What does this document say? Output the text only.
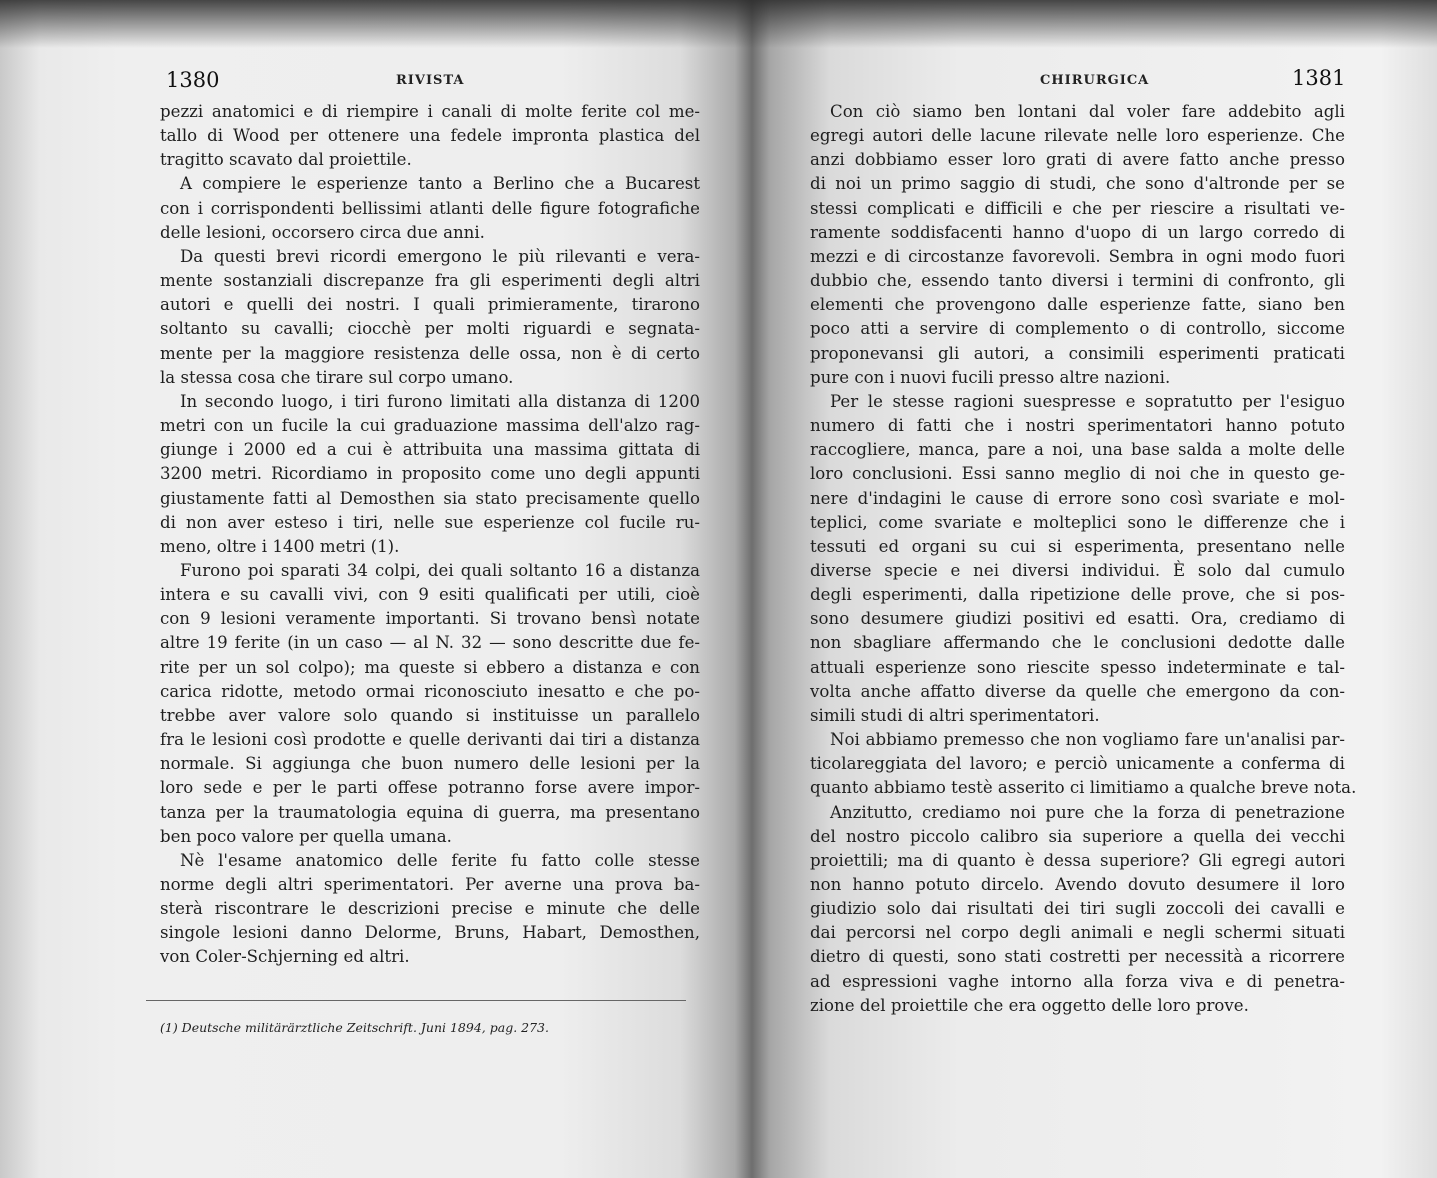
1380	RIVISTA

pezzi anatomici e di riempire i canali di molte ferite col me-
tallo di Wood per ottenere una fedele impronta plastica del
tragitto scavato dal proiettile.

A compiere le esperienze tanto a Berlino che a Bucarest
con i corrispondenti bellissimi atlanti delle figure fotografiche
delle lesioni, occorsero circa due anni.

Da questi brevi ricordi emergono le più rilevanti e vera-
mente sostanziali discrepanze fra gli esperimenti degli altri
autori e quelli dei nostri. I quali primieramente, tirarono
soltanto su cavalli; ciocchè per molti riguardi e segnata-
mente per la maggiore resistenza delle ossa, non è di certo
la stessa cosa che tirare sul corpo umano.

In secondo luogo, i tiri furono limitati alla distanza di 1200
metri con un fucile la cui graduazione massima dell'alzo rag-
giunge i 2000 ed a cui è attribuita una massima gittata di
3200 metri. Ricordiamo in proposito come uno degli appunti
giustamente fatti al Demosthen sia stato precisamente quello
di non aver esteso i tiri, nelle sue esperienze col fucile ru-
meno, oltre i 1400 metri (1).

Furono poi sparati 34 colpi, dei quali soltanto 16 a distanza
intera e su cavalli vivi, con 9 esiti qualificati per utili, cioè
con 9 lesioni veramente importanti. Si trovano bensì notate
altre 19 ferite (in un caso — al N. 32 — sono descritte due fe-
rite per un sol colpo); ma queste si ebbero a distanza e con
carica ridotte, metodo ormai riconosciuto inesatto e che po-
trebbe aver valore solo quando si instituisse un parallelo
fra le lesioni così prodotte e quelle derivanti dai tiri a distanza
normale. Si aggiunga che buon numero delle lesioni per la
loro sede e per le parti offese potranno forse avere impor-
tanza per la traumatologia equina di guerra, ma presentano
ben poco valore per quella umana.

Nè l'esame anatomico delle ferite fu fatto colle stesse
norme degli altri sperimentatori. Per averne una prova ba-
sterà riscontrare le descrizioni precise e minute che delle
singole lesioni danno Delorme, Bruns, Habart, Demosthen,
von Coler-Schjerning ed altri.

(1) Deutsche militärärztliche Zeitschrift. Juni 1894, pag. 273.
CHIRURGICA	1381

Con ciò siamo ben lontani dal voler fare addebito agli
egregi autori delle lacune rilevate nelle loro esperienze. Che
anzi dobbiamo esser loro grati di avere fatto anche presso
di noi un primo saggio di studi, che sono d'altronde per se
stessi complicati e difficili e che per riescire a risultati ve-
ramente soddisfacenti hanno d'uopo di un largo corredo di
mezzi e di circostanze favorevoli. Sembra in ogni modo fuori
dubbio che, essendo tanto diversi i termini di confronto, gli
elementi che provengono dalle esperienze fatte, siano ben
poco atti a servire di complemento o di controllo, siccome
proponevansi gli autori, a consimili esperimenti praticati
pure con i nuovi fucili presso altre nazioni.

Per le stesse ragioni suespresse e sopratutto per l'esiguo
numero di fatti che i nostri sperimentatori hanno potuto
raccogliere, manca, pare a noi, una base salda a molte delle
loro conclusioni. Essi sanno meglio di noi che in questo ge-
nere d'indagini le cause di errore sono così svariate e mol-
teplici, come svariate e molteplici sono le differenze che i
tessuti ed organi su cui si esperimenta, presentano nelle
diverse specie e nei diversi individui. È solo dal cumulo
degli esperimenti, dalla ripetizione delle prove, che si pos-
sono desumere giudizi positivi ed esatti. Ora, crediamo di
non sbagliare affermando che le conclusioni dedotte dalle
attuali esperienze sono riescite spesso indeterminate e tal-
volta anche affatto diverse da quelle che emergono da con-
simili studi di altri sperimentatori.

Noi abbiamo premesso che non vogliamo fare un'analisi par-
ticolareggiata del lavoro; e perciò unicamente a conferma di
quanto abbiamo testè asserito ci limitiamo a qualche breve nota.

Anzitutto, crediamo noi pure che la forza di penetrazione
del nostro piccolo calibro sia superiore a quella dei vecchi
proiettili; ma di quanto è dessa superiore? Gli egregi autori
non hanno potuto dircelo. Avendo dovuto desumere il loro
giudizio solo dai risultati dei tiri sugli zoccoli dei cavalli e
dai percorsi nel corpo degli animali e negli schermi situati
dietro di questi, sono stati costretti per necessità a ricorrere
ad espressioni vaghe intorno alla forza viva e di penetra-
zione del proiettile che era oggetto delle loro prove.
